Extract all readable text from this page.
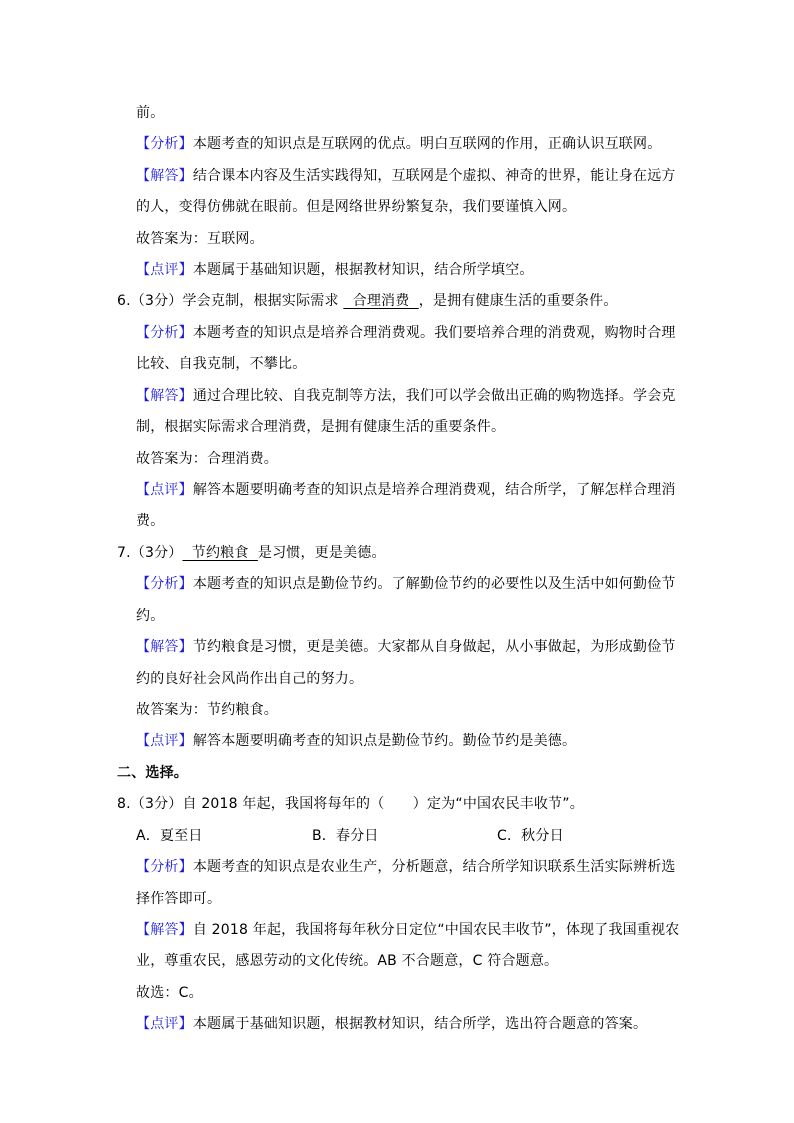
前。
【分析】本题考查的知识点是互联网的优点。明白互联网的作用，正确认识互联网。
【解答】结合课本内容及生活实践得知，互联网是个虚拟、神奇的世界，能让身在远方
的人，变得仿佛就在眼前。但是网络世界纷繁复杂，我们要谨慎入网。
故答案为：互联网。
【点评】本题属于基础知识题，根据教材知识，结合所学填空。
6.（3分）学会克制，根据实际需求   合理消费  ，是拥有健康生活的重要条件。
【分析】本题考查的知识点是培养合理消费观。我们要培养合理的消费观，购物时合理
比较、自我克制，不攀比。
【解答】通过合理比较、自我克制等方法，我们可以学会做出正确的购物选择。学会克
制，根据实际需求合理消费，是拥有健康生活的重要条件。
故答案为：合理消费。
【点评】解答本题要明确考查的知识点是培养合理消费观，结合所学，了解怎样合理消
费。
7.（3分）  节约粮食  是习惯，更是美德。
【分析】本题考查的知识点是勤俭节约。了解勤俭节约的必要性以及生活中如何勤俭节
约。
【解答】节约粮食是习惯，更是美德。大家都从自身做起，从小事做起，为形成勤俭节
约的良好社会风尚作出自己的努力。
故答案为：节约粮食。
【点评】解答本题要明确考查的知识点是勤俭节约。勤俭节约是美德。
二、选择。
8.（3分）自 2018 年起，我国将每年的（　　）定为“中国农民丰收节”。
A．夏至日	B．春分日	C．秋分日
【分析】本题考查的知识点是农业生产，分析题意，结合所学知识联系生活实际辨析选
择作答即可。
【解答】自 2018 年起，我国将每年秋分日定位“中国农民丰收节”，体现了我国重视农
业，尊重农民，感恩劳动的文化传统。AB 不合题意，C 符合题意。
故选：C。
【点评】本题属于基础知识题，根据教材知识，结合所学，选出符合题意的答案。
